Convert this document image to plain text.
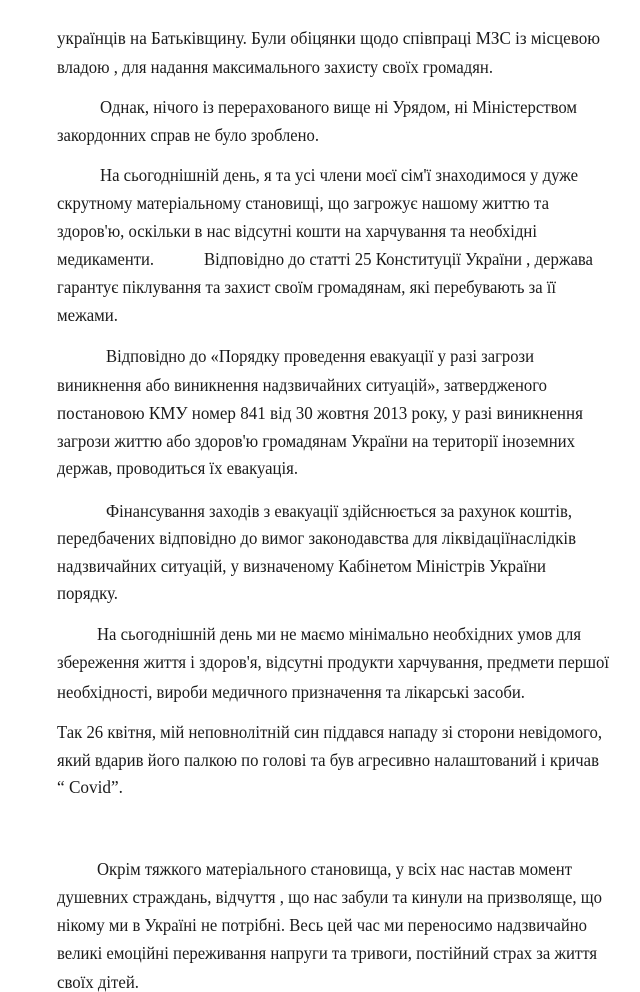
українців на Батьківщину. Були обіцянки щодо співпраці МЗС із місцевою
владою , для надання максимального захисту своїх громадян.
Однак, нічого із перерахованого вище ні Урядом, ні Міністерством
закордонних справ не було зроблено.
На сьогоднішній день, я та усі члени моєї сім'ї знаходимося у дуже
скрутному матеріальному становищі, що загрожує нашому життю та
здоров'ю, оскільки в нас відсутні кошти на харчування та необхідні
медикаменти.	Відповідно до статті 25 Конституції України , держава
гарантує піклування та захист своїм громадянам, які перебувають за її
межами.
Відповідно до «Порядку проведення евакуації у разі загрози
виникнення або виникнення надзвичайних ситуацій», затвердженого
постановою КМУ номер 841 від 30 жовтня 2013 року, у разі виникнення
загрози життю або здоров'ю громадянам України на території іноземних
держав, проводиться їх евакуація.
Фінансування заходів з евакуації здійснюється за рахунок коштів,
передбачених відповідно до вимог законодавства для ліквідаціїнаслідків
надзвичайних ситуацій, у визначеному Кабінетом Міністрів України
порядку.
На сьогоднішній день ми не маємо мінімально необхідних умов для
збереження життя і здоров'я, відсутні продукти харчування, предмети першої
необхідності, вироби медичного призначення та лікарські засоби.
Так 26 квітня, мій неповнолітній син піддався нападу зі сторони невідомого,
який вдарив його палкою по голові та був агресивно налаштований і кричав
“ Covid”.
Окрім тяжкого матеріального становища, у всіх нас настав момент
душевних страждань, відчуття , що нас забули та кинули на призволяще, що
нікому ми в Україні не потрібні. Весь цей час ми переносимо надзвичайно
великі емоційні переживання напруги та тривоги, постійний страх за життя
своїх дітей.
